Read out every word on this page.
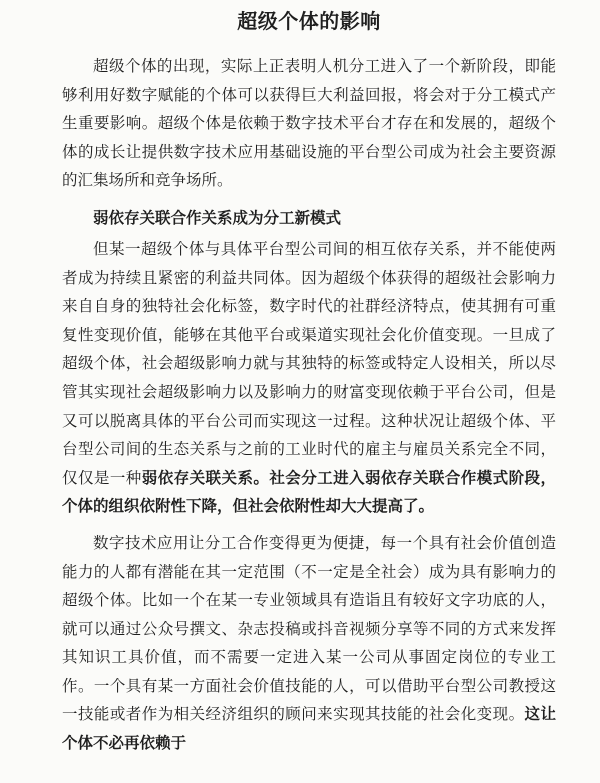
超级个体的影响

超级个体的出现，实际上正表明人机分工进入了一个新阶段，即能够利用好数字赋能的个体可以获得巨大利益回报，将会对于分工模式产生重要影响。超级个体是依赖于数字技术平台才存在和发展的，超级个体的成长让提供数字技术应用基础设施的平台型公司成为社会主要资源的汇集场所和竞争场所。

弱依存关联合作关系成为分工新模式

但某一超级个体与具体平台型公司间的相互依存关系，并不能使两者成为持续且紧密的利益共同体。因为超级个体获得的超级社会影响力来自自身的独特社会化标签，数字时代的社群经济特点，使其拥有可重复性变现价值，能够在其他平台或渠道实现社会化价值变现。一旦成了超级个体，社会超级影响力就与其独特的标签或特定人设相关，所以尽管其实现社会超级影响力以及影响力的财富变现依赖于平台公司，但是又可以脱离具体的平台公司而实现这一过程。这种状况让超级个体、平台型公司间的生态关系与之前的工业时代的雇主与雇员关系完全不同，仅仅是一种弱依存关联关系。社会分工进入弱依存关联合作模式阶段，个体的组织依附性下降，但社会依附性却大大提高了。

数字技术应用让分工合作变得更为便捷，每一个具有社会价值创造能力的人都有潜能在其一定范围（不一定是全社会）成为具有影响力的超级个体。比如一个在某一专业领域具有造诣且有较好文字功底的人，就可以通过公众号撰文、杂志投稿或抖音视频分享等不同的方式来发挥其知识工具价值，而不需要一定进入某一公司从事固定岗位的专业工作。一个具有某一方面社会价值技能的人，可以借助平台型公司教授这一技能或者作为相关经济组织的顾问来实现其技能的社会化变现。这让个体不必再依赖于
